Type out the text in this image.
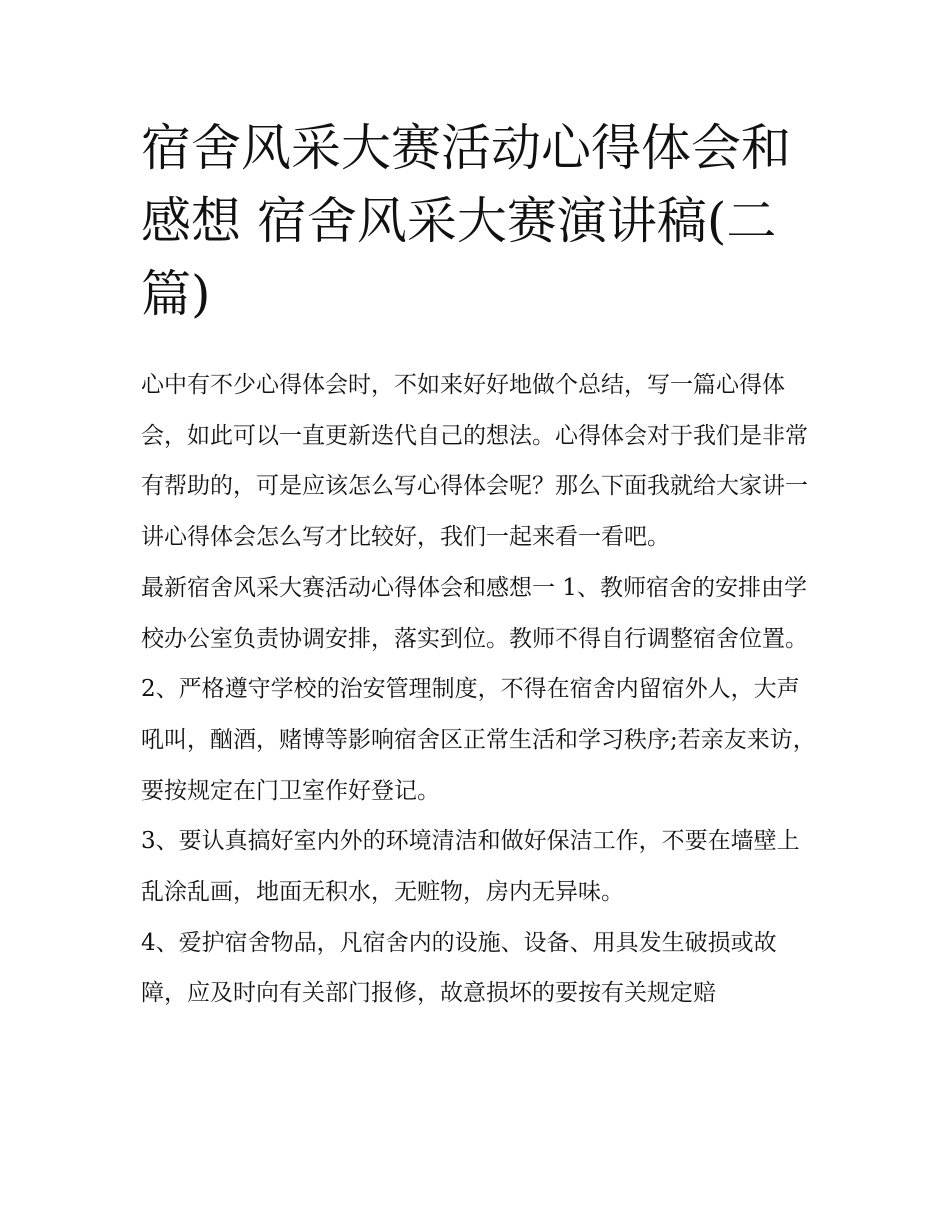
宿舍风采大赛活动心得体会和感想 宿舍风采大赛演讲稿(二篇)

心中有不少心得体会时，不如来好好地做个总结，写一篇心得体会，如此可以一直更新迭代自己的想法。心得体会对于我们是非常有帮助的，可是应该怎么写心得体会呢？那么下面我就给大家讲一讲心得体会怎么写才比较好，我们一起来看一看吧。

最新宿舍风采大赛活动心得体会和感想一 1、教师宿舍的安排由学校办公室负责协调安排，落实到位。教师不得自行调整宿舍位置。

2、严格遵守学校的治安管理制度，不得在宿舍内留宿外人，大声吼叫，酗酒，赌博等影响宿舍区正常生活和学习秩序;若亲友来访，要按规定在门卫室作好登记。

3、要认真搞好室内外的环境清洁和做好保洁工作，不要在墙壁上乱涂乱画，地面无积水，无赃物，房内无异味。

4、爱护宿舍物品，凡宿舍内的设施、设备、用具发生破损或故障，应及时向有关部门报修，故意损坏的要按有关规定赔
